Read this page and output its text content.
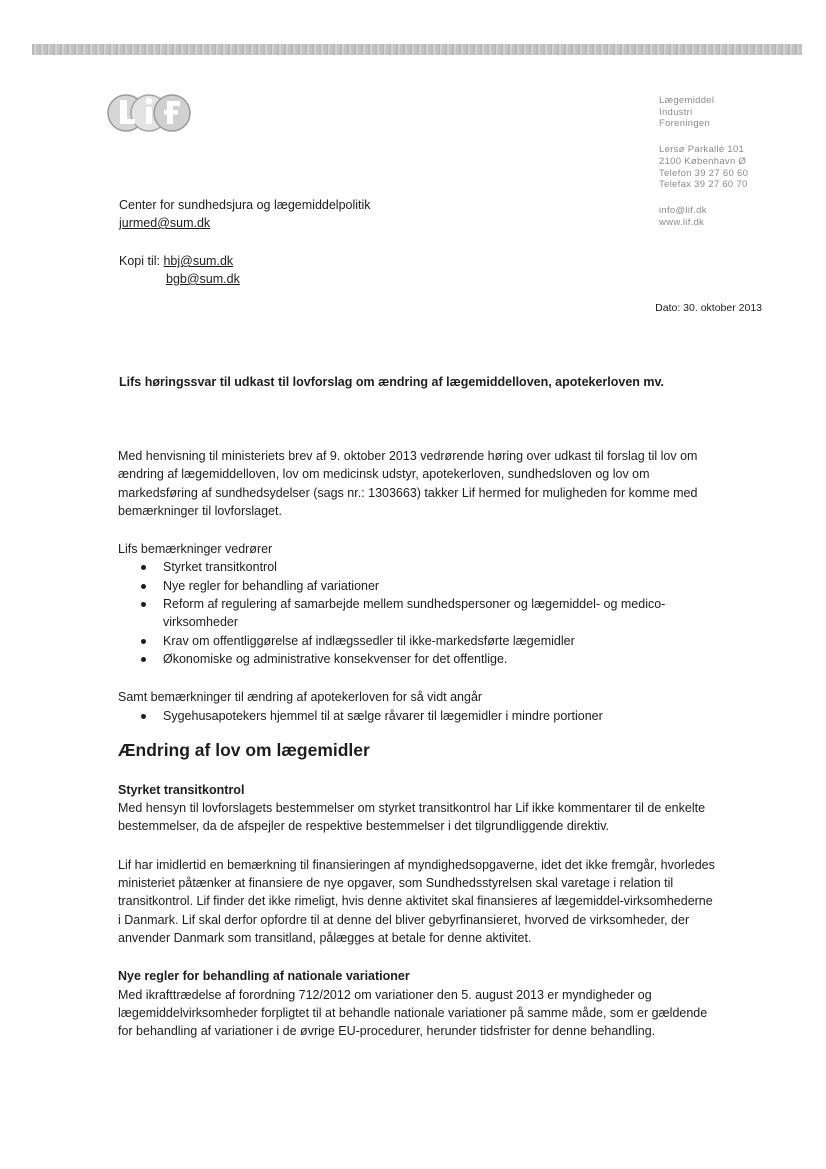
Lægemiddel
Industri
Foreningen
Lersø Parkallé 101
2100 København Ø
Telefon 39 27 60 60
Telefax 39 27 60 70
info@lif.dk
www.lif.dk
Center for sundhedsjura og lægemiddelpolitik
jurmed@sum.dk
Kopi til: hbj@sum.dk
bgb@sum.dk
Dato: 30. oktober 2013
Lifs høringssvar til udkast til lovforslag om ændring af lægemiddelloven, apotekerloven mv.

Med henvisning til ministeriets brev af 9. oktober 2013 vedrørende høring over udkast til forslag til lov om ændring af lægemiddelloven, lov om medicinsk udstyr, apotekerloven, sundhedsloven og lov om markedsføring af sundhedsydelser (sags nr.: 1303663) takker Lif hermed for muligheden for komme med bemærkninger til lovforslaget.

Lifs bemærkninger vedrører

Styrket transitkontrol
Nye regler for behandling af variationer
Reform af regulering af samarbejde mellem sundhedspersoner og lægemiddel- og medico-virksomheder
Krav om offentliggørelse af indlægssedler til ikke-markedsførte lægemidler
Økonomiske og administrative konsekvenser for det offentlige.

Samt bemærkninger til ændring af apotekerloven for så vidt angår

Sygehusapotekers hjemmel til at sælge råvarer til lægemidler i mindre portioner
Ændring af lov om lægemidler
Styrket transitkontrol

Med hensyn til lovforslagets bestemmelser om styrket transitkontrol har Lif ikke kommentarer til de enkelte bestemmelser, da de afspejler de respektive bestemmelser i det tilgrundliggende direktiv.

Lif har imidlertid en bemærkning til finansieringen af myndighedsopgaverne, idet det ikke fremgår, hvorledes ministeriet påtænker at finansiere de nye opgaver, som Sundhedsstyrelsen skal varetage i relation til transitkontrol. Lif finder det ikke rimeligt, hvis denne aktivitet skal finansieres af lægemiddel-virksomhederne i Danmark. Lif skal derfor opfordre til at denne del bliver gebyrfinansieret, hvorved de virksomheder, der anvender Danmark som transitland, pålægges at betale for denne aktivitet.

Nye regler for behandling af nationale variationer

Med ikrafttrædelse af forordning 712/2012 om variationer den 5. august 2013 er myndigheder og lægemiddelvirksomheder forpligtet til at behandle nationale variationer på samme måde, som er gældende for behandling af variationer i de øvrige EU-procedurer, herunder tidsfrister for denne behandling.
